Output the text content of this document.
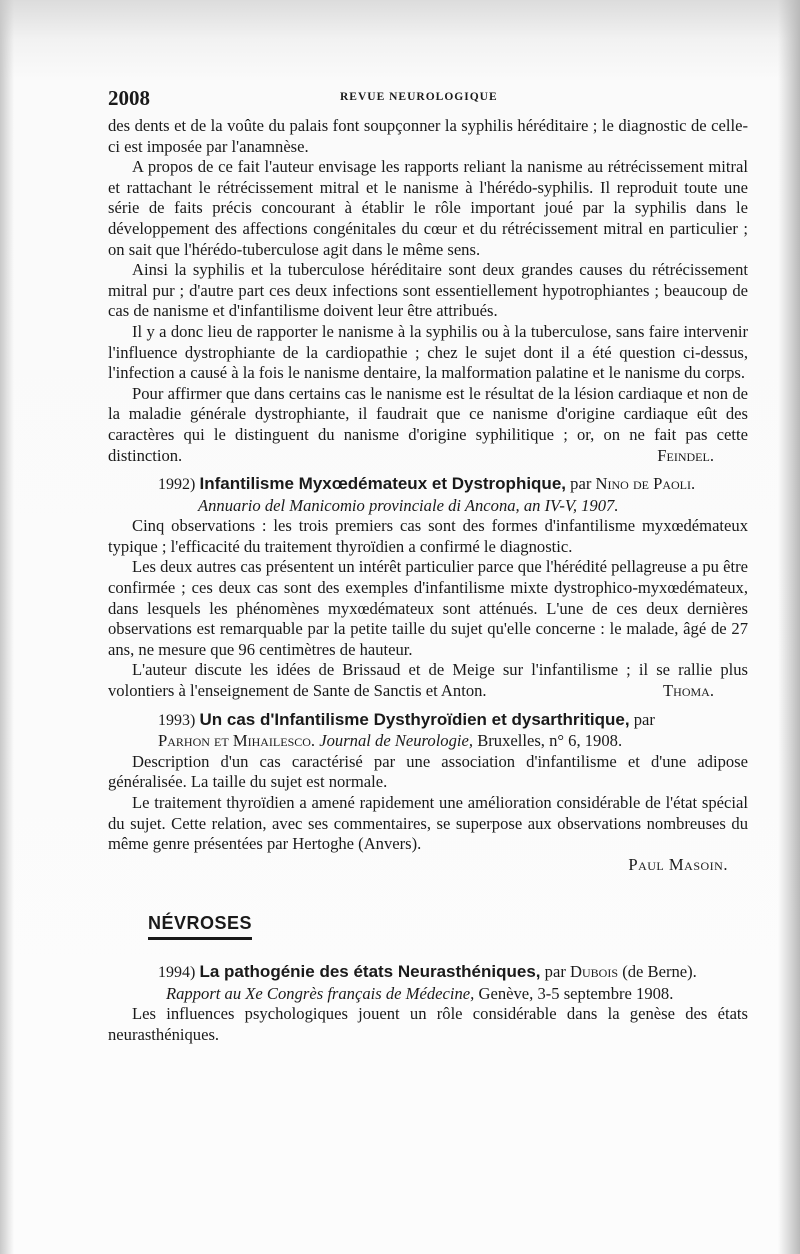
2008	REVUE NEUROLOGIQUE

des dents et de la voûte du palais font soupçonner la syphilis héréditaire ; le diagnostic de celle-ci est imposée par l'anamnèse.

A propos de ce fait l'auteur envisage les rapports reliant la nanisme au rétrécissement mitral et rattachant le rétrécissement mitral et le nanisme à l'hérédo-syphilis. Il reproduit toute une série de faits précis concourant à établir le rôle important joué par la syphilis dans le développement des affections congénitales du cœur et du rétrécissement mitral en particulier ; on sait que l'hérédo-tuberculose agit dans le même sens.

Ainsi la syphilis et la tuberculose héréditaire sont deux grandes causes du rétrécissement mitral pur ; d'autre part ces deux infections sont essentiellement hypotrophiantes ; beaucoup de cas de nanisme et d'infantilisme doivent leur être attribués.

Il y a donc lieu de rapporter le nanisme à la syphilis ou à la tuberculose, sans faire intervenir l'influence dystrophiante de la cardiopathie ; chez le sujet dont il a été question ci-dessus, l'infection a causé à la fois le nanisme dentaire, la malformation palatine et le nanisme du corps.

Pour affirmer que dans certains cas le nanisme est le résultat de la lésion cardiaque et non de la maladie générale dystrophiante, il faudrait que ce nanisme d'origine cardiaque eût des caractères qui le distinguent du nanisme d'origine syphilitique ; or, on ne fait pas cette distinction.	Feindel.

1992) Infantilisme Myxœdémateux et Dystrophique, par Nino de Paoli.

Annuario del Manicomio provinciale di Ancona, an IV-V, 1907.

Cinq observations : les trois premiers cas sont des formes d'infantilisme myxœdémateux typique ; l'efficacité du traitement thyroïdien a confirmé le diagnostic.

Les deux autres cas présentent un intérêt particulier parce que l'hérédité pellagreuse a pu être confirmée ; ces deux cas sont des exemples d'infantilisme mixte dystrophico-myxœdémateux, dans lesquels les phénomènes myxœdémateux sont atténués. L'une de ces deux dernières observations est remarquable par la petite taille du sujet qu'elle concerne : le malade, âgé de 27 ans, ne mesure que 96 centimètres de hauteur.

L'auteur discute les idées de Brissaud et de Meige sur l'infantilisme ; il se rallie plus volontiers à l'enseignement de Sante de Sanctis et Anton.	Thoma.

1993) Un cas d'Infantilisme Dysthyroïdien et dysarthritique, par

Parhon et Mihailesco. Journal de Neurologie, Bruxelles, n° 6, 1908.

Description d'un cas caractérisé par une association d'infantilisme et d'une adipose généralisée. La taille du sujet est normale.

Le traitement thyroïdien a amené rapidement une amélioration considérable de l'état spécial du sujet. Cette relation, avec ses commentaires, se superpose aux observations nombreuses du même genre présentées par Hertoghe (Anvers).

Paul Masoin.

NÉVROSES

1994) La pathogénie des états Neurasthéniques, par Dubois (de Berne).

Rapport au Xe Congrès français de Médecine, Genève, 3-5 septembre 1908.

Les influences psychologiques jouent un rôle considérable dans la genèse des états neurasthéniques.
